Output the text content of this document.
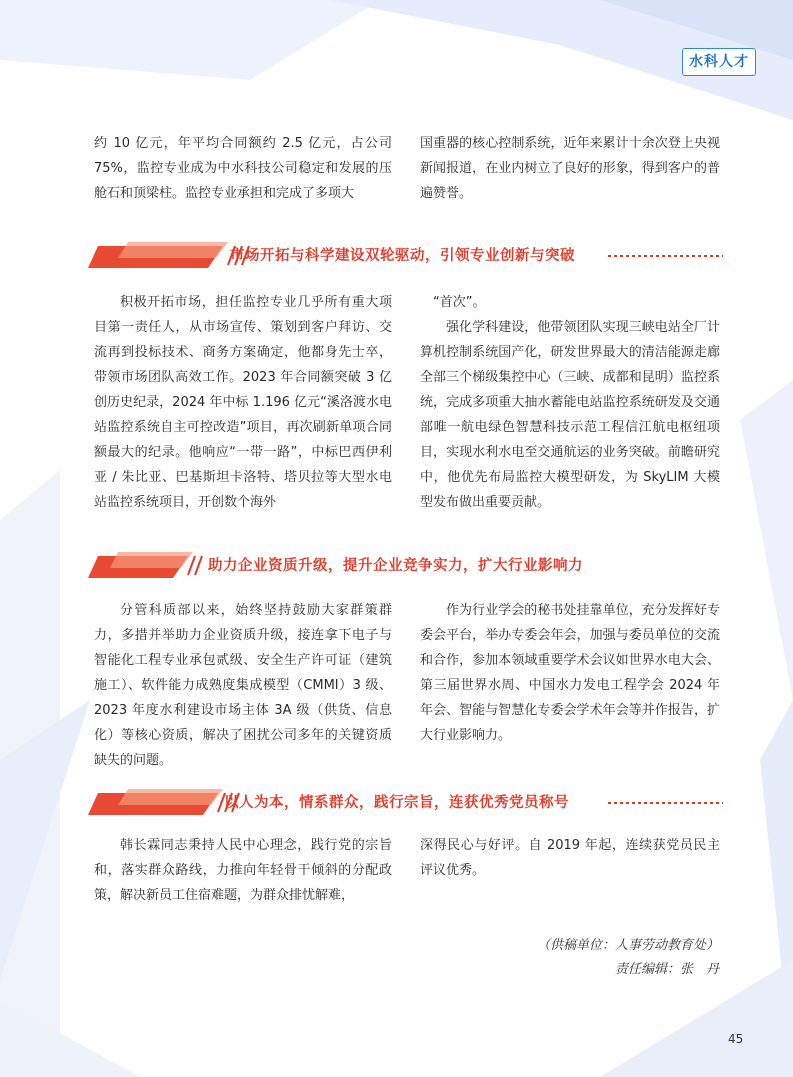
水科人才

约 10 亿元，年平均合同额约 2.5 亿元，占公司75%，监控专业成为中水科技公司稳定和发展的压舱石和顶梁柱。监控专业承担和完成了多项大

国重器的核心控制系统，近年来累计十余次登上央视新闻报道，在业内树立了良好的形象，得到客户的普遍赞誉。

市场开拓与科学建设双轮驱动，引领专业创新与突破

积极开拓市场，担任监控专业几乎所有重大项目第一责任人，从市场宣传、策划到客户拜访、交流再到投标技术、商务方案确定，他都身先士卒，带领市场团队高效工作。2023 年合同额突破 3 亿创历史纪录，2024 年中标 1.196 亿元“溪洛渡水电站监控系统自主可控改造”项目，再次刷新单项合同额最大的纪录。他响应“一带一路”，中标巴西伊利亚 / 朱比亚、巴基斯坦卡洛特、塔贝拉等大型水电站监控系统项目，开创数个海外

“首次”。

强化学科建设，他带领团队实现三峡电站全厂计算机控制系统国产化，研发世界最大的清洁能源走廊全部三个梯级集控中心（三峡、成都和昆明）监控系统，完成多项重大抽水蓄能电站监控系统研发及交通部唯一航电绿色智慧科技示范工程信江航电枢纽项目，实现水利水电至交通航运的业务突破。前瞻研究中，他优先布局监控大模型研发，为 SkyLIM 大模型发布做出重要贡献。

助力企业资质升级，提升企业竞争实力，扩大行业影响力

分管科质部以来，始终坚持鼓励大家群策群力，多措并举助力企业资质升级，接连拿下电子与智能化工程专业承包贰级、安全生产许可证（建筑施工）、软件能力成熟度集成模型（CMMI）3 级、2023 年度水利建设市场主体 3A 级（供货、信息化）等核心资质，解决了困扰公司多年的关键资质缺失的问题。

作为行业学会的秘书处挂靠单位，充分发挥好专委会平台，举办专委会年会，加强与委员单位的交流和合作，参加本领域重要学术会议如世界水电大会、第三届世界水周、中国水力发电工程学会 2024 年年会、智能与智慧化专委会学术年会等并作报告，扩大行业影响力。

以人为本，情系群众，践行宗旨，连获优秀党员称号

韩长霖同志秉持人民中心理念，践行党的宗旨和，落实群众路线，力推向年轻骨干倾斜的分配政策，解决新员工住宿难题，为群众排忧解难，

深得民心与好评。自 2019 年起，连续获党员民主评议优秀。

（供稿单位：人事劳动教育处）
责任编辑：张　丹
45
